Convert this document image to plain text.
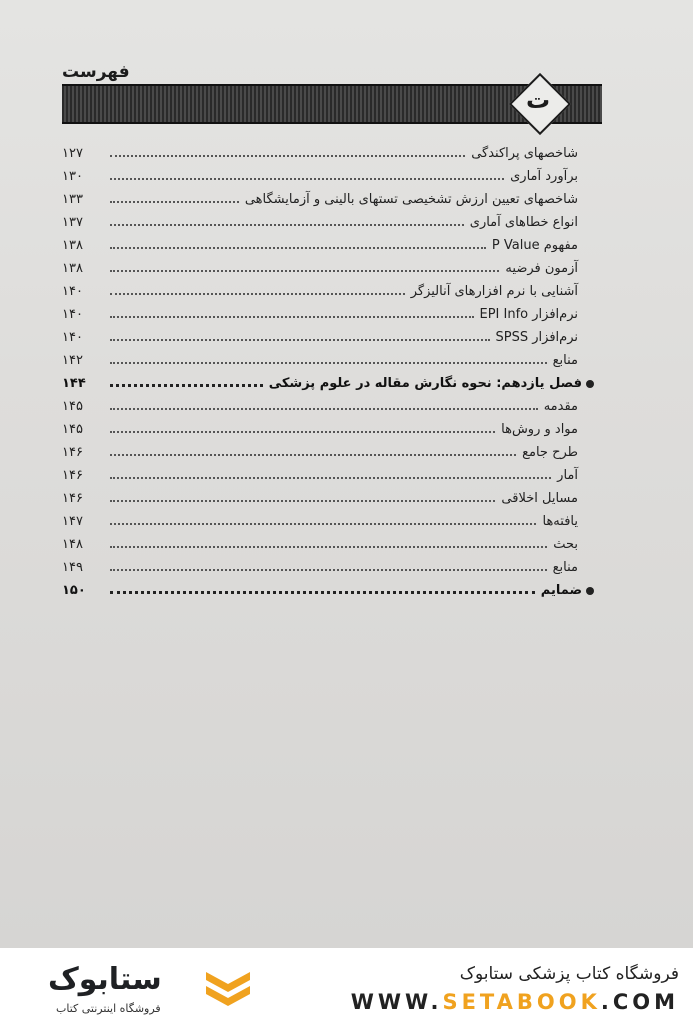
فهرست
ت
۱۲۷	شاخصهای پراکندگی
۱۳۰	برآورد آماری
۱۳۳	شاخصهای تعیین ارزش تشخیصی تستهای بالینی و آزمایشگاهی
۱۳۷	انواع خطاهای آماری
۱۳۸	مفهوم P Value
۱۳۸	آزمون فرضیه
۱۴۰	آشنایی با نرم افزارهای آنالیزگر
۱۴۰	نرم‌افزار EPI Info
۱۴۰	نرم‌افزار SPSS
۱۴۲	منابع
۱۴۴	فصل یازدهم: نحوه نگارش مقاله در علوم پزشکی
۱۴۵	مقدمه
۱۴۵	مواد و روش‌ها
۱۴۶	طرح جامع
۱۴۶	آمار
۱۴۶	مسایل اخلاقی
۱۴۷	یافته‌ها
۱۴۸	بحث
۱۴۹	منابع
۱۵۰	ضمایم
ستابوک
فروشگاه اینترنتی کتاب
فروشگاه کتاب پزشکی ستابوک
WWW.SETABOOK.COM
